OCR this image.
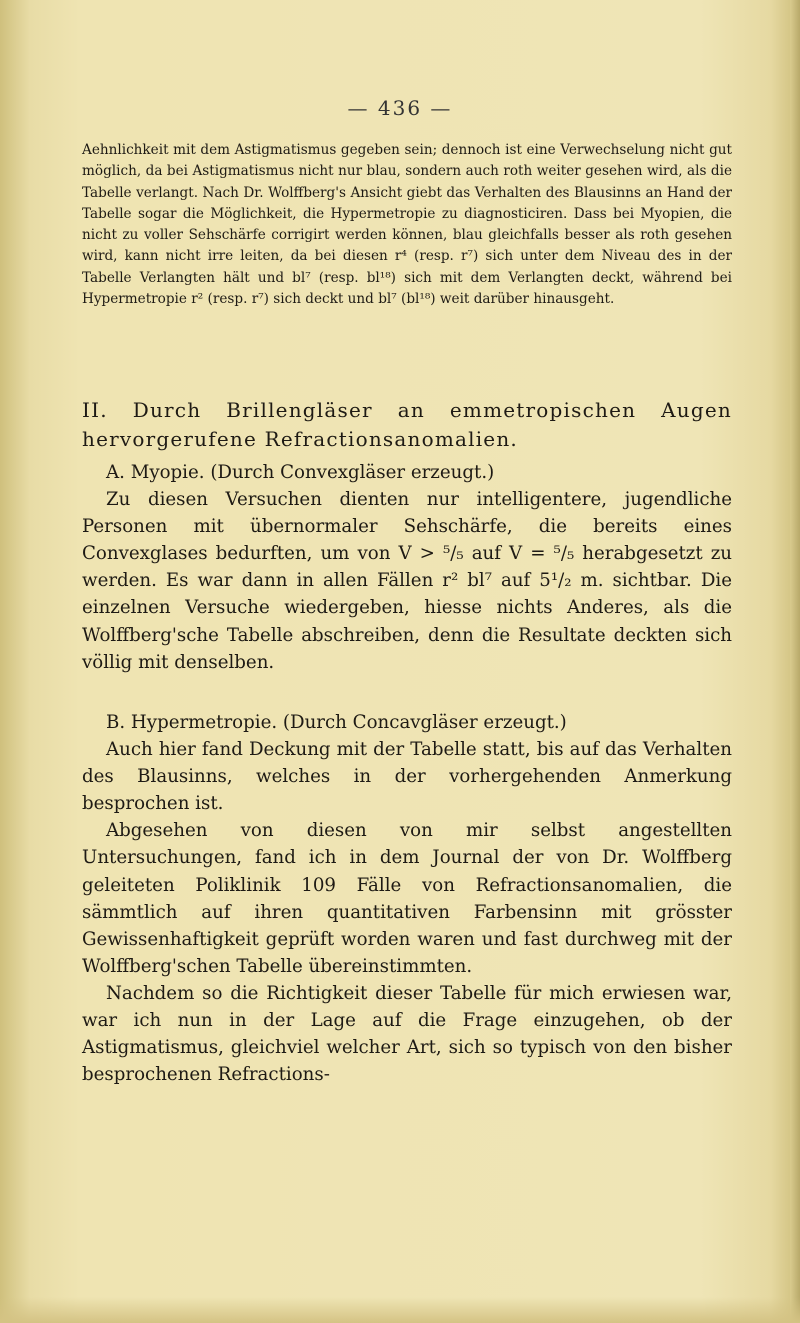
— 436 —

Aehnlichkeit mit dem Astigmatismus gegeben sein; dennoch ist eine Verwechselung nicht gut möglich, da bei Astigmatismus nicht nur blau, sondern auch roth weiter gesehen wird, als die Tabelle verlangt. Nach Dr. Wolffberg's Ansicht giebt das Verhalten des Blausinns an Hand der Tabelle sogar die Möglichkeit, die Hypermetropie zu diagnosticiren. Dass bei Myopien, die nicht zu voller Sehschärfe corrigirt werden können, blau gleichfalls besser als roth gesehen wird, kann nicht irre leiten, da bei diesen r⁴ (resp. r⁷) sich unter dem Niveau des in der Tabelle Verlangten hält und bl⁷ (resp. bl¹⁸) sich mit dem Verlangten deckt, während bei Hypermetropie r² (resp. r⁷) sich deckt und bl⁷ (bl¹⁸) weit darüber hinausgeht.

II. Durch Brillengläser an emmetropischen Augen hervorgerufene Refractionsanomalien.

A. Myopie. (Durch Convexgläser erzeugt.)

Zu diesen Versuchen dienten nur intelligentere, jugendliche Personen mit übernormaler Sehschärfe, die bereits eines Convexglases bedurften, um von V > ⁵/₅ auf V = ⁵/₅ herabgesetzt zu werden. Es war dann in allen Fällen r² bl⁷ auf 5¹/₂ m. sichtbar. Die einzelnen Versuche wiedergeben, hiesse nichts Anderes, als die Wolffberg'sche Tabelle abschreiben, denn die Resultate deckten sich völlig mit denselben.

B. Hypermetropie. (Durch Concavgläser erzeugt.)

Auch hier fand Deckung mit der Tabelle statt, bis auf das Verhalten des Blausinns, welches in der vorhergehenden Anmerkung besprochen ist.

Abgesehen von diesen von mir selbst angestellten Untersuchungen, fand ich in dem Journal der von Dr. Wolffberg geleiteten Poliklinik 109 Fälle von Refractionsanomalien, die sämmtlich auf ihren quantitativen Farbensinn mit grösster Gewissenhaftigkeit geprüft worden waren und fast durchweg mit der Wolffberg'schen Tabelle übereinstimmten.

Nachdem so die Richtigkeit dieser Tabelle für mich erwiesen war, war ich nun in der Lage auf die Frage einzugehen, ob der Astigmatismus, gleichviel welcher Art, sich so typisch von den bisher besprochenen Refractions-
